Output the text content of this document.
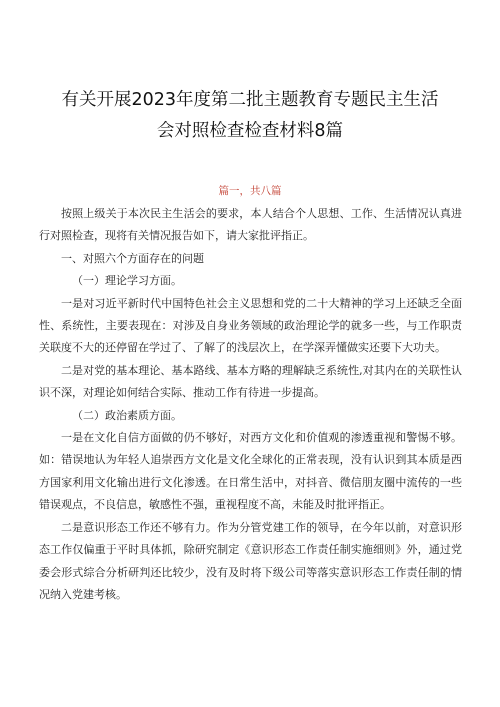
有关开展2023年度第二批主题教育专题民主生活
会对照检查检查材料8篇
篇一，共八篇

按照上级关于本次民主生活会的要求，本人结合个人思想、工作、生活情况认真进行对照检查，现将有关情况报告如下，请大家批评指正。

一、对照六个方面存在的问题

（一）理论学习方面。

一是对习近平新时代中国特色社会主义思想和党的二十大精神的学习上还缺乏全面性、系统性，主要表现在：对涉及自身业务领域的政治理论学的就多一些，与工作职责关联度不大的还停留在学过了、了解了的浅层次上，在学深弄懂做实还要下大功夫。

二是对党的基本理论、基本路线、基本方略的理解缺乏系统性,对其内在的关联性认识不深，对理论如何结合实际、推动工作有待进一步提高。

（二）政治素质方面。

一是在文化自信方面做的仍不够好，对西方文化和价值观的渗透重视和警惕不够。如：错误地认为年轻人追崇西方文化是文化全球化的正常表现，没有认识到其本质是西方国家利用文化输出进行文化渗透。在日常生活中，对抖音、微信朋友圈中流传的一些错误观点，不良信息，敏感性不强，重视程度不高，未能及时批评指正。

二是意识形态工作还不够有力。作为分管党建工作的领导，在今年以前，对意识形态工作仅偏重于平时具体抓，除研究制定《意识形态工作责任制实施细则》外，通过党委会形式综合分析研判还比较少，没有及时将下级公司等落实意识形态工作责任制的情况纳入党建考核。
